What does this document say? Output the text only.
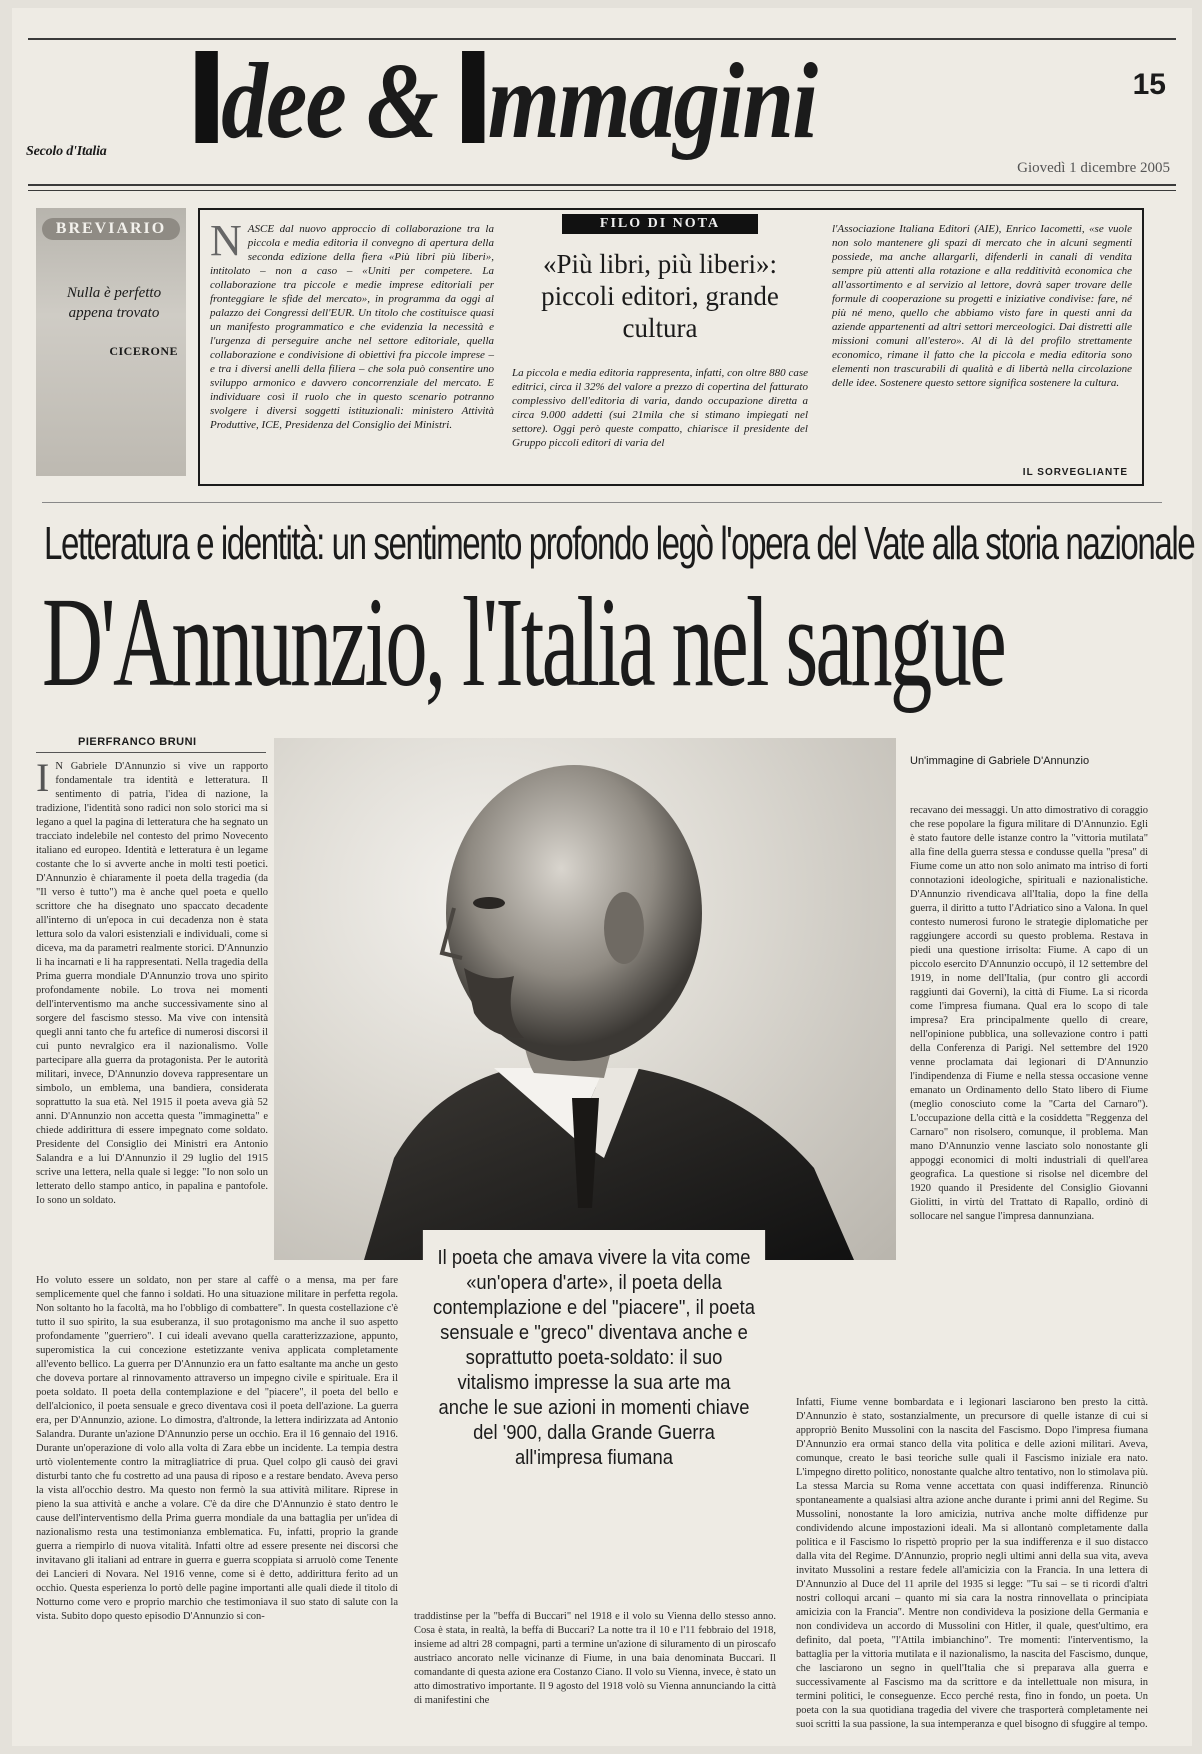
Secolo d'Italia dee & mmagini	15
Giovedì 1 dicembre 2005
BREVIARIO
Nulla è perfetto appena trovato
CICERONE
N ASCE dal nuovo approccio di collaborazione tra la piccola e media editoria il convegno di apertura della seconda edizione della fiera «Più libri più liberi», intitolato – non a caso – «Uniti per competere. La collaborazione tra piccole e medie imprese editoriali per fronteggiare le sfide del mercato», in programma da oggi al palazzo dei Congressi dell'EUR. Un titolo che costituisce quasi un manifesto programmatico e che evidenzia la necessità e l'urgenza di perseguire anche nel settore editoriale, quella collaborazione e condivisione di obiettivi fra piccole imprese – e tra i diversi anelli della filiera – che sola può consentire uno sviluppo armonico e davvero concorrenziale del mercato. E individuare così il ruolo che in questo scenario potranno svolgere i diversi soggetti istituzionali: ministero Attività Produttive, ICE, Presidenza del Consiglio dei Ministri.
FILO DI NOTA
«Più libri, più liberi»: piccoli editori, grande cultura
La piccola e media editoria rappresenta, infatti, con oltre 880 case editrici, circa il 32% del valore a prezzo di copertina del fatturato complessivo dell'editoria di varia, dando occupazione diretta a circa 9.000 addetti (sui 21mila che si stimano impiegati nel settore). Oggi però queste compatto, chiarisce il presidente del Gruppo piccoli editori di varia del
l'Associazione Italiana Editori (AIE), Enrico Iacometti, «se vuole non solo mantenere gli spazi di mercato che in alcuni segmenti possiede, ma anche allargarli, difenderli in canali di vendita sempre più attenti alla rotazione e alla redditività economica che all'assortimento e al servizio al lettore, dovrà saper trovare delle formule di cooperazione su progetti e iniziative condivise: fare, né più né meno, quello che abbiamo visto fare in questi anni da aziende appartenenti ad altri settori merceologici. Dai distretti alle missioni comuni all'estero». Al di là del profilo strettamente economico, rimane il fatto che la piccola e media editoria sono elementi non trascurabili di qualità e di libertà nella circolazione delle idee. Sostenere questo settore significa sostenere la cultura.
IL SORVEGLIANTE
Letteratura e identità: un sentimento profondo legò l'opera del Vate alla storia nazionale
D'Annunzio, l'Italia nel sangue
PIERFRANCO BRUNI
I N Gabriele D'Annunzio si vive un rapporto fondamentale tra identità e letteratura. Il sentimento di patria, l'idea di nazione, la tradizione, l'identità sono radici non solo storici ma si legano a quel la pagina di letteratura che ha segnato un tracciato indelebile nel contesto del primo Novecento italiano ed europeo. Identità e letteratura è un legame costante che lo si avverte anche in molti testi poetici. D'Annunzio è chiaramente il poeta della tragedia (da "Il verso è tutto") ma è anche quel poeta e quello scrittore che ha disegnato uno spaccato decadente all'interno di un'epoca in cui decadenza non è stata lettura solo da valori esistenziali e individuali, come si diceva, ma da parametri realmente storici. D'Annunzio li ha incarnati e li ha rappresentati. Nella tragedia della Prima guerra mondiale D'Annunzio trova uno spirito profondamente nobile. Lo trova nei momenti dell'interventismo ma anche successivamente sino al sorgere del fascismo stesso. Ma vive con intensità quegli anni tanto che fu artefice di numerosi discorsi il cui punto nevralgico era il nazionalismo. Volle partecipare alla guerra da protagonista. Per le autorità militari, invece, D'Annunzio doveva rappresentare un simbolo, un emblema, una bandiera, considerata soprattutto la sua età. Nel 1915 il poeta aveva già 52 anni. D'Annunzio non accetta questa "immaginetta" e chiede addirittura di essere impegnato come soldato. Presidente del Consiglio dei Ministri era Antonio Salandra e a lui D'Annunzio il 29 luglio del 1915 scrive una lettera, nella quale si legge: "Io non solo un letterato dello stampo antico, in papalina e pantofole. Io sono un soldato.
Un'immagine di Gabriele D'Annunzio
Il poeta che amava vivere la vita come «un'opera d'arte», il poeta della contemplazione e del "piacere", il poeta sensuale e "greco" diventava anche e soprattutto poeta-soldato: il suo vitalismo impresse la sua arte ma anche le sue azioni in momenti chiave del '900, dalla Grande Guerra all'impresa fiumana
Ho voluto essere un soldato, non per stare al caffè o a mensa, ma per fare semplicemente quel che fanno i soldati. Ho una situazione militare in perfetta regola. Non soltanto ho la facoltà, ma ho l'obbligo di combattere". In questa costellazione c'è tutto il suo spirito, la sua esuberanza, il suo protagonismo ma anche il suo aspetto profondamente "guerriero". I cui ideali avevano quella caratterizzazione, appunto, superomistica la cui concezione estetizzante veniva applicata completamente all'evento bellico. La guerra per D'Annunzio era un fatto esaltante ma anche un gesto che doveva portare al rinnovamento attraverso un impegno civile e spirituale. Era il poeta soldato. Il poeta della contemplazione e del "piacere", il poeta del bello e dell'alcionico, il poeta sensuale e greco diventava così il poeta dell'azione. La guerra era, per D'Annunzio, azione. Lo dimostra, d'altronde, la lettera indirizzata ad Antonio Salandra. Durante un'azione D'Annunzio perse un occhio. Era il 16 gennaio del 1916. Durante un'operazione di volo alla volta di Zara ebbe un incidente. La tempia destra urtò violentemente contro la mitragliatrice di prua. Quel colpo gli causò dei gravi disturbi tanto che fu costretto ad una pausa di riposo e a restare bendato. Aveva perso la vista all'occhio destro. Ma questo non fermò la sua attività militare. Riprese in pieno la sua attività e anche a volare. C'è da dire che D'Annunzio è stato dentro le cause dell'interventismo della Prima guerra mondiale da una battaglia per un'idea di nazionalismo resta una testimonianza emblematica. Fu, infatti, proprio la grande guerra a riempirlo di nuova vitalità. Infatti oltre ad essere presente nei discorsi che invitavano gli italiani ad entrare in guerra e guerra scoppiata si arruolò come Tenente dei Lancieri di Novara. Nel 1916 venne, come si è detto, addirittura ferito ad un occhio. Questa esperienza lo portò delle pagine importanti alle quali diede il titolo di Notturno come vero e proprio marchio che testimoniava il suo stato di salute con la vista. Subito dopo questo episodio D'Annunzio si con-	traddistinse per la "beffa di Buccari" nel 1918 e il volo su Vienna dello stesso anno. Cosa è stata, in realtà, la beffa di Buccari? La notte tra il 10 e l'11 febbraio del 1918, insieme ad altri 28 compagni, partì a termine un'azione di siluramento di un piroscafo austriaco ancorato nelle vicinanze di Fiume, in una baia denominata Buccari. Il comandante di questa azione era Costanzo Ciano. Il volo su Vienna, invece, è stato un atto dimostrativo importante. Il 9 agosto del 1918 volò su Vienna annunciando la città di manifestini che
recavano dei messaggi. Un atto dimostrativo di coraggio che rese popolare la figura militare di D'Annunzio. Egli è stato fautore delle istanze contro la "vittoria mutilata" alla fine della guerra stessa e condusse quella "presa" di Fiume come un atto non solo animato ma intriso di forti connotazioni ideologiche, spirituali e nazionalistiche. D'Annunzio rivendicava all'Italia, dopo la fine della guerra, il diritto a tutto l'Adriatico sino a Valona. In quel contesto numerosi furono le strategie diplomatiche per raggiungere accordi su questo problema. Restava in piedi una questione irrisolta: Fiume. A capo di un piccolo esercito D'Annunzio occupò, il 12 settembre del 1919, in nome dell'Italia, (pur contro gli accordi raggiunti dai Governi), la città di Fiume. La si ricorda come l'impresa fiumana. Qual era lo scopo di tale impresa? Era principalmente quello di creare, nell'opinione pubblica, una sollevazione contro i patti della Conferenza di Parigi. Nel settembre del 1920 venne proclamata dai legionari di D'Annunzio l'indipendenza di Fiume e nella stessa occasione venne emanato un Ordinamento dello Stato libero di Fiume (meglio conosciuto come la "Carta del Carnaro"). L'occupazione della città e la cosiddetta "Reggenza del Carnaro" non risolsero, comunque, il problema. Man mano D'Annunzio venne lasciato solo nonostante gli appoggi economici di molti industriali di quell'area geografica. La questione si risolse nel dicembre del 1920 quando il Presidente del Consiglio Giovanni Giolitti, in virtù del Trattato di Rapallo, ordinò di sollocare nel sangue l'impresa dannunziana.
Infatti, Fiume venne bombardata e i legionari lasciarono ben presto la città. D'Annunzio è stato, sostanzialmente, un precursore di quelle istanze di cui si appropriò Benito Mussolini con la nascita del Fascismo. Dopo l'impresa fiumana D'Annunzio era ormai stanco della vita politica e delle azioni militari. Aveva, comunque, creato le basi teoriche sulle quali il Fascismo iniziale era nato. L'impegno diretto politico, nonostante qualche altro tentativo, non lo stimolava più. La stessa Marcia su Roma venne accettata con quasi indifferenza. Rinunciò spontaneamente a qualsiasi altra azione anche durante i primi anni del Regime. Su Mussolini, nonostante la loro amicizia, nutriva anche molte diffidenze pur condividendo alcune impostazioni ideali. Ma si allontanò completamente dalla politica e il Fascismo lo rispettò proprio per la sua indifferenza e il suo distacco dalla vita del Regime. D'Annunzio, proprio negli ultimi anni della sua vita, aveva invitato Mussolini a restare fedele all'amicizia con la Francia. In una lettera di D'Annunzio al Duce del 11 aprile del 1935 si legge: "Tu sai – se ti ricordi d'altri nostri colloqui arcani – quanto mi sia cara la nostra rinnovellata o principiata amicizia con la Francia". Mentre non condivideva la posizione della Germania e non condivideva un accordo di Mussolini con Hitler, il quale, quest'ultimo, era definito, dal poeta, "l'Attila imbianchino". Tre momenti: l'interventismo, la battaglia per la vittoria mutilata e il nazionalismo, la nascita del Fascismo, dunque, che lasciarono un segno in quell'Italia che si preparava alla guerra e successivamente al Fascismo ma da scrittore e da intellettuale non misura, in termini politici, le conseguenze. Ecco perché resta, fino in fondo, un poeta. Un poeta con la sua quotidiana tragedia del vivere che trasporterà completamente nei suoi scritti la sua passione, la sua intemperanza e quel bisogno di sfuggire al tempo.
